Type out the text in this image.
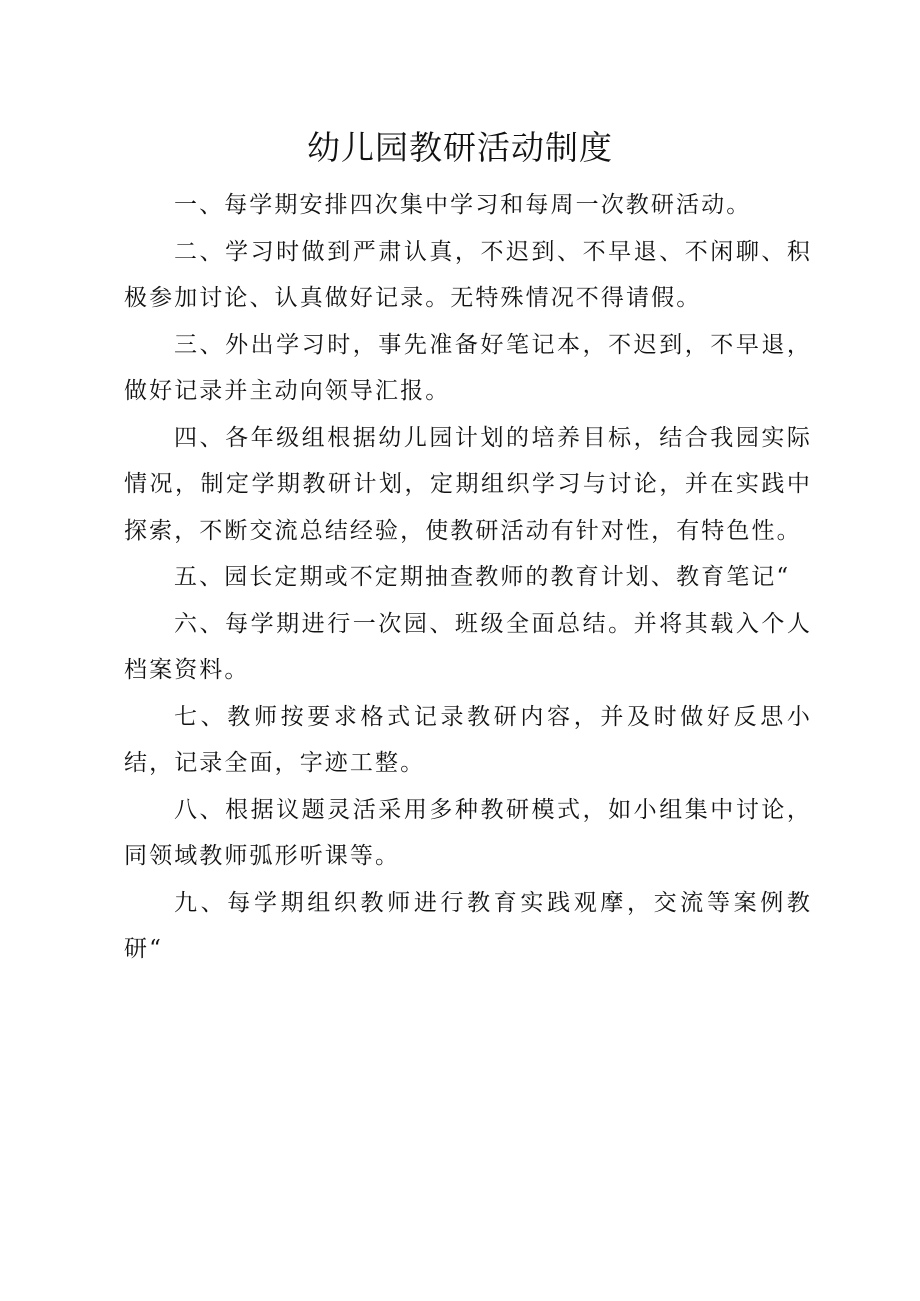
幼儿园教研活动制度

一、每学期安排四次集中学习和每周一次教研活动。

二、学习时做到严肃认真，不迟到、不早退、不闲聊、积极参加讨论、认真做好记录。无特殊情况不得请假。

三、外出学习时，事先准备好笔记本，不迟到，不早退，做好记录并主动向领导汇报。

四、各年级组根据幼儿园计划的培养目标，结合我园实际情况，制定学期教研计划，定期组织学习与讨论，并在实践中探索，不断交流总结经验，使教研活动有针对性，有特色性。

五、园长定期或不定期抽查教师的教育计划、教育笔记“

六、每学期进行一次园、班级全面总结。并将其载入个人档案资料。

七、教师按要求格式记录教研内容，并及时做好反思小结，记录全面，字迹工整。

八、根据议题灵活采用多种教研模式，如小组集中讨论，同领域教师弧形听课等。

九、每学期组织教师进行教育实践观摩，交流等案例教研“
